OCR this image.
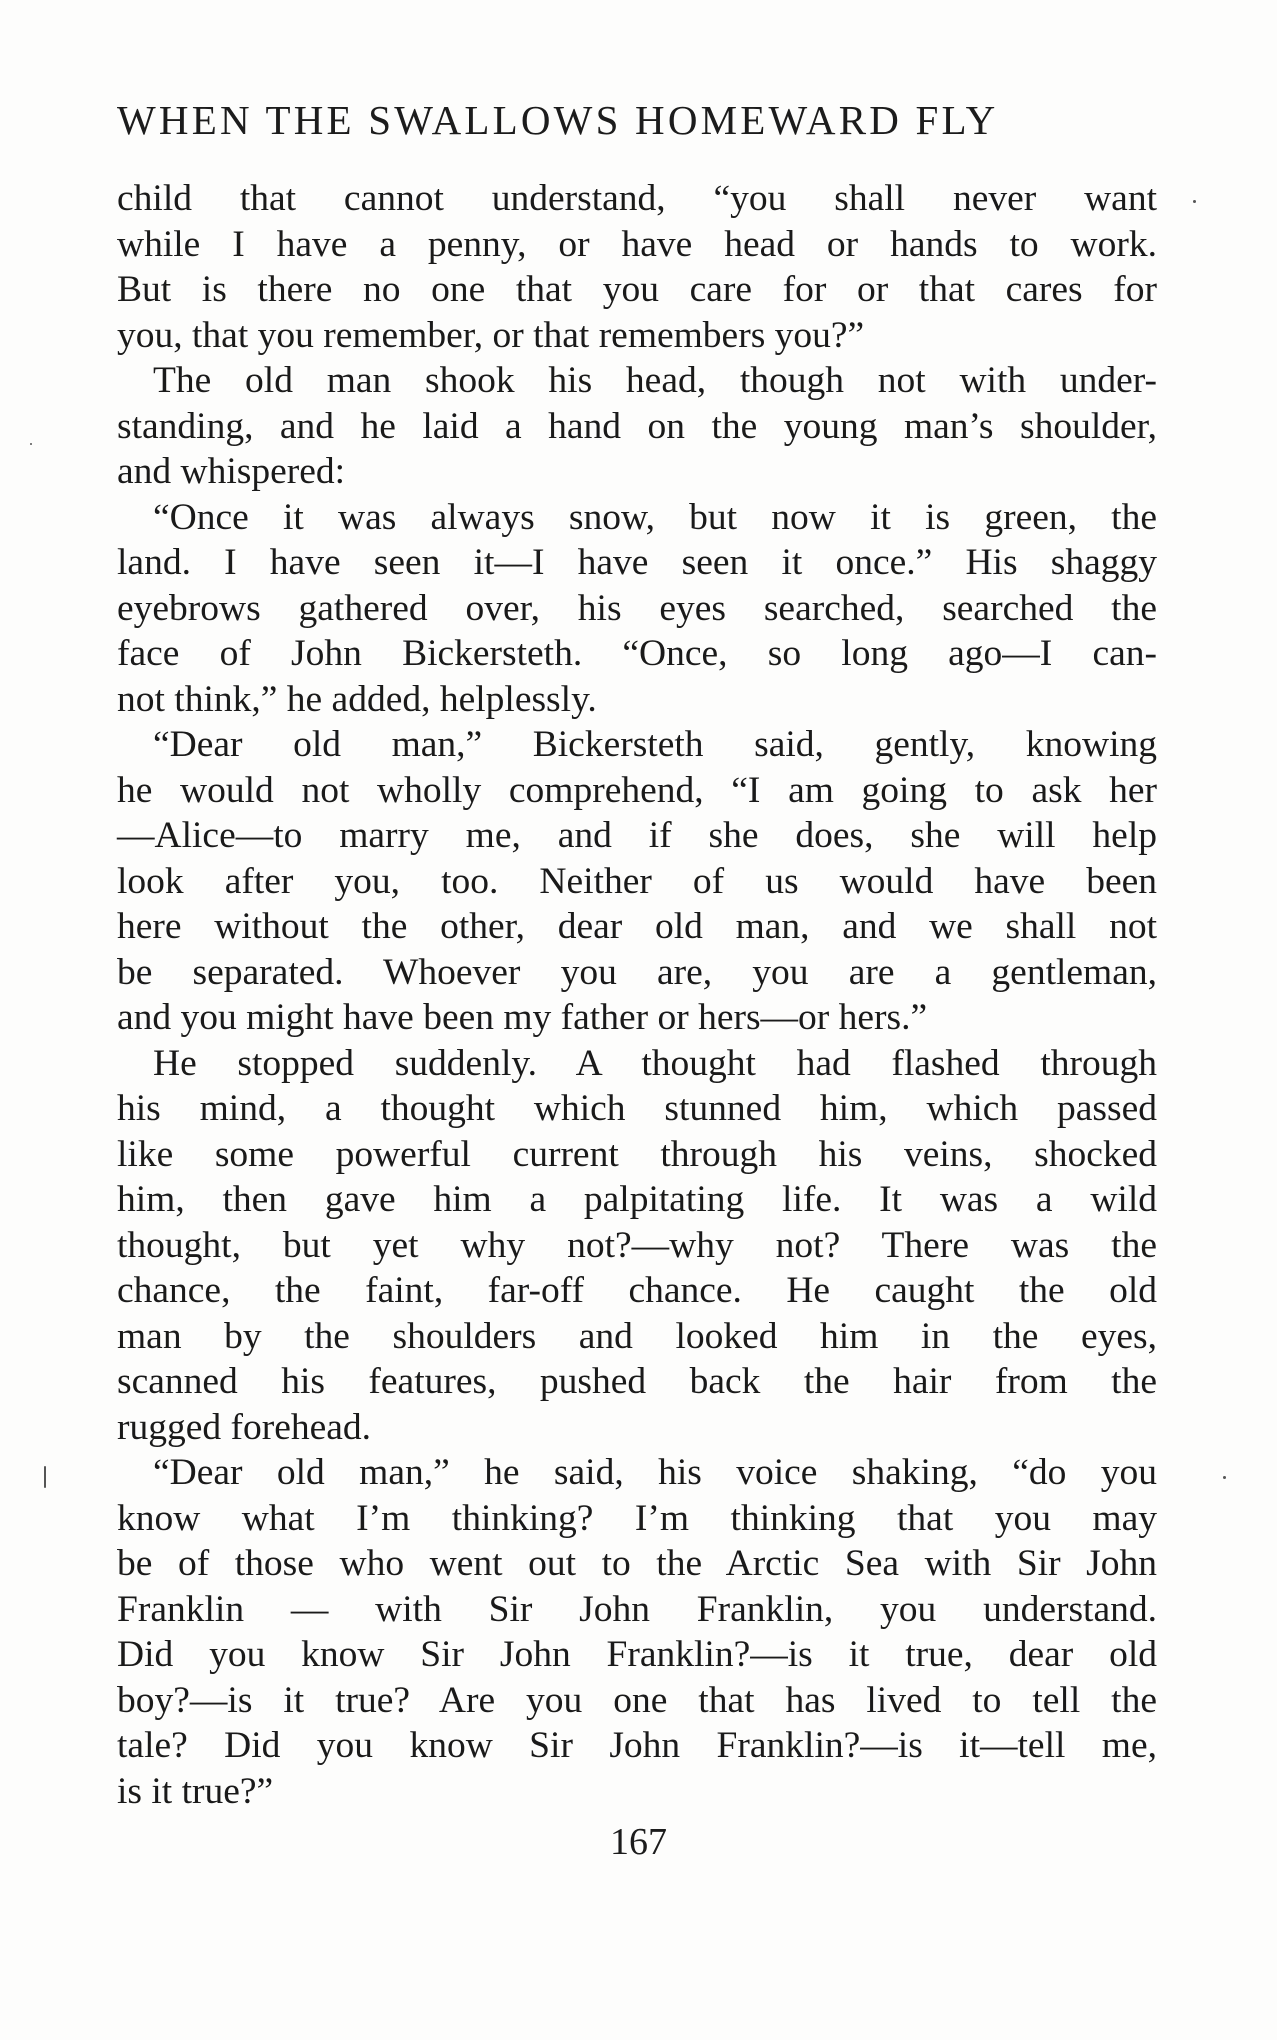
WHEN THE SWALLOWS HOMEWARD FLY
child that cannot understand, “you shall never want
while I have a penny, or have head or hands to work.
But is there no one that you care for or that cares for
you, that you remember, or that remembers you?”
The old man shook his head, though not with under-
standing, and he laid a hand on the young man’s shoulder,
and whispered:
“Once it was always snow, but now it is green, the
land. I have seen it—I have seen it once.” His shaggy
eyebrows gathered over, his eyes searched, searched the
face of John Bickersteth. “Once, so long ago—I can-
not think,” he added, helplessly.
“Dear old man,” Bickersteth said, gently, knowing
he would not wholly comprehend, “I am going to ask her
—Alice—to marry me, and if she does, she will help
look after you, too. Neither of us would have been
here without the other, dear old man, and we shall not
be separated. Whoever you are, you are a gentleman,
and you might have been my father or hers—or hers.”
He stopped suddenly. A thought had flashed through
his mind, a thought which stunned him, which passed
like some powerful current through his veins, shocked
him, then gave him a palpitating life. It was a wild
thought, but yet why not?—why not? There was the
chance, the faint, far-off chance. He caught the old
man by the shoulders and looked him in the eyes,
scanned his features, pushed back the hair from the
rugged forehead.
“Dear old man,” he said, his voice shaking, “do you
know what I’m thinking? I’m thinking that you may
be of those who went out to the Arctic Sea with Sir John
Franklin — with Sir John Franklin, you understand.
Did you know Sir John Franklin?—is it true, dear old
boy?—is it true? Are you one that has lived to tell the
tale? Did you know Sir John Franklin?—is it—tell me,
is it true?”
167
